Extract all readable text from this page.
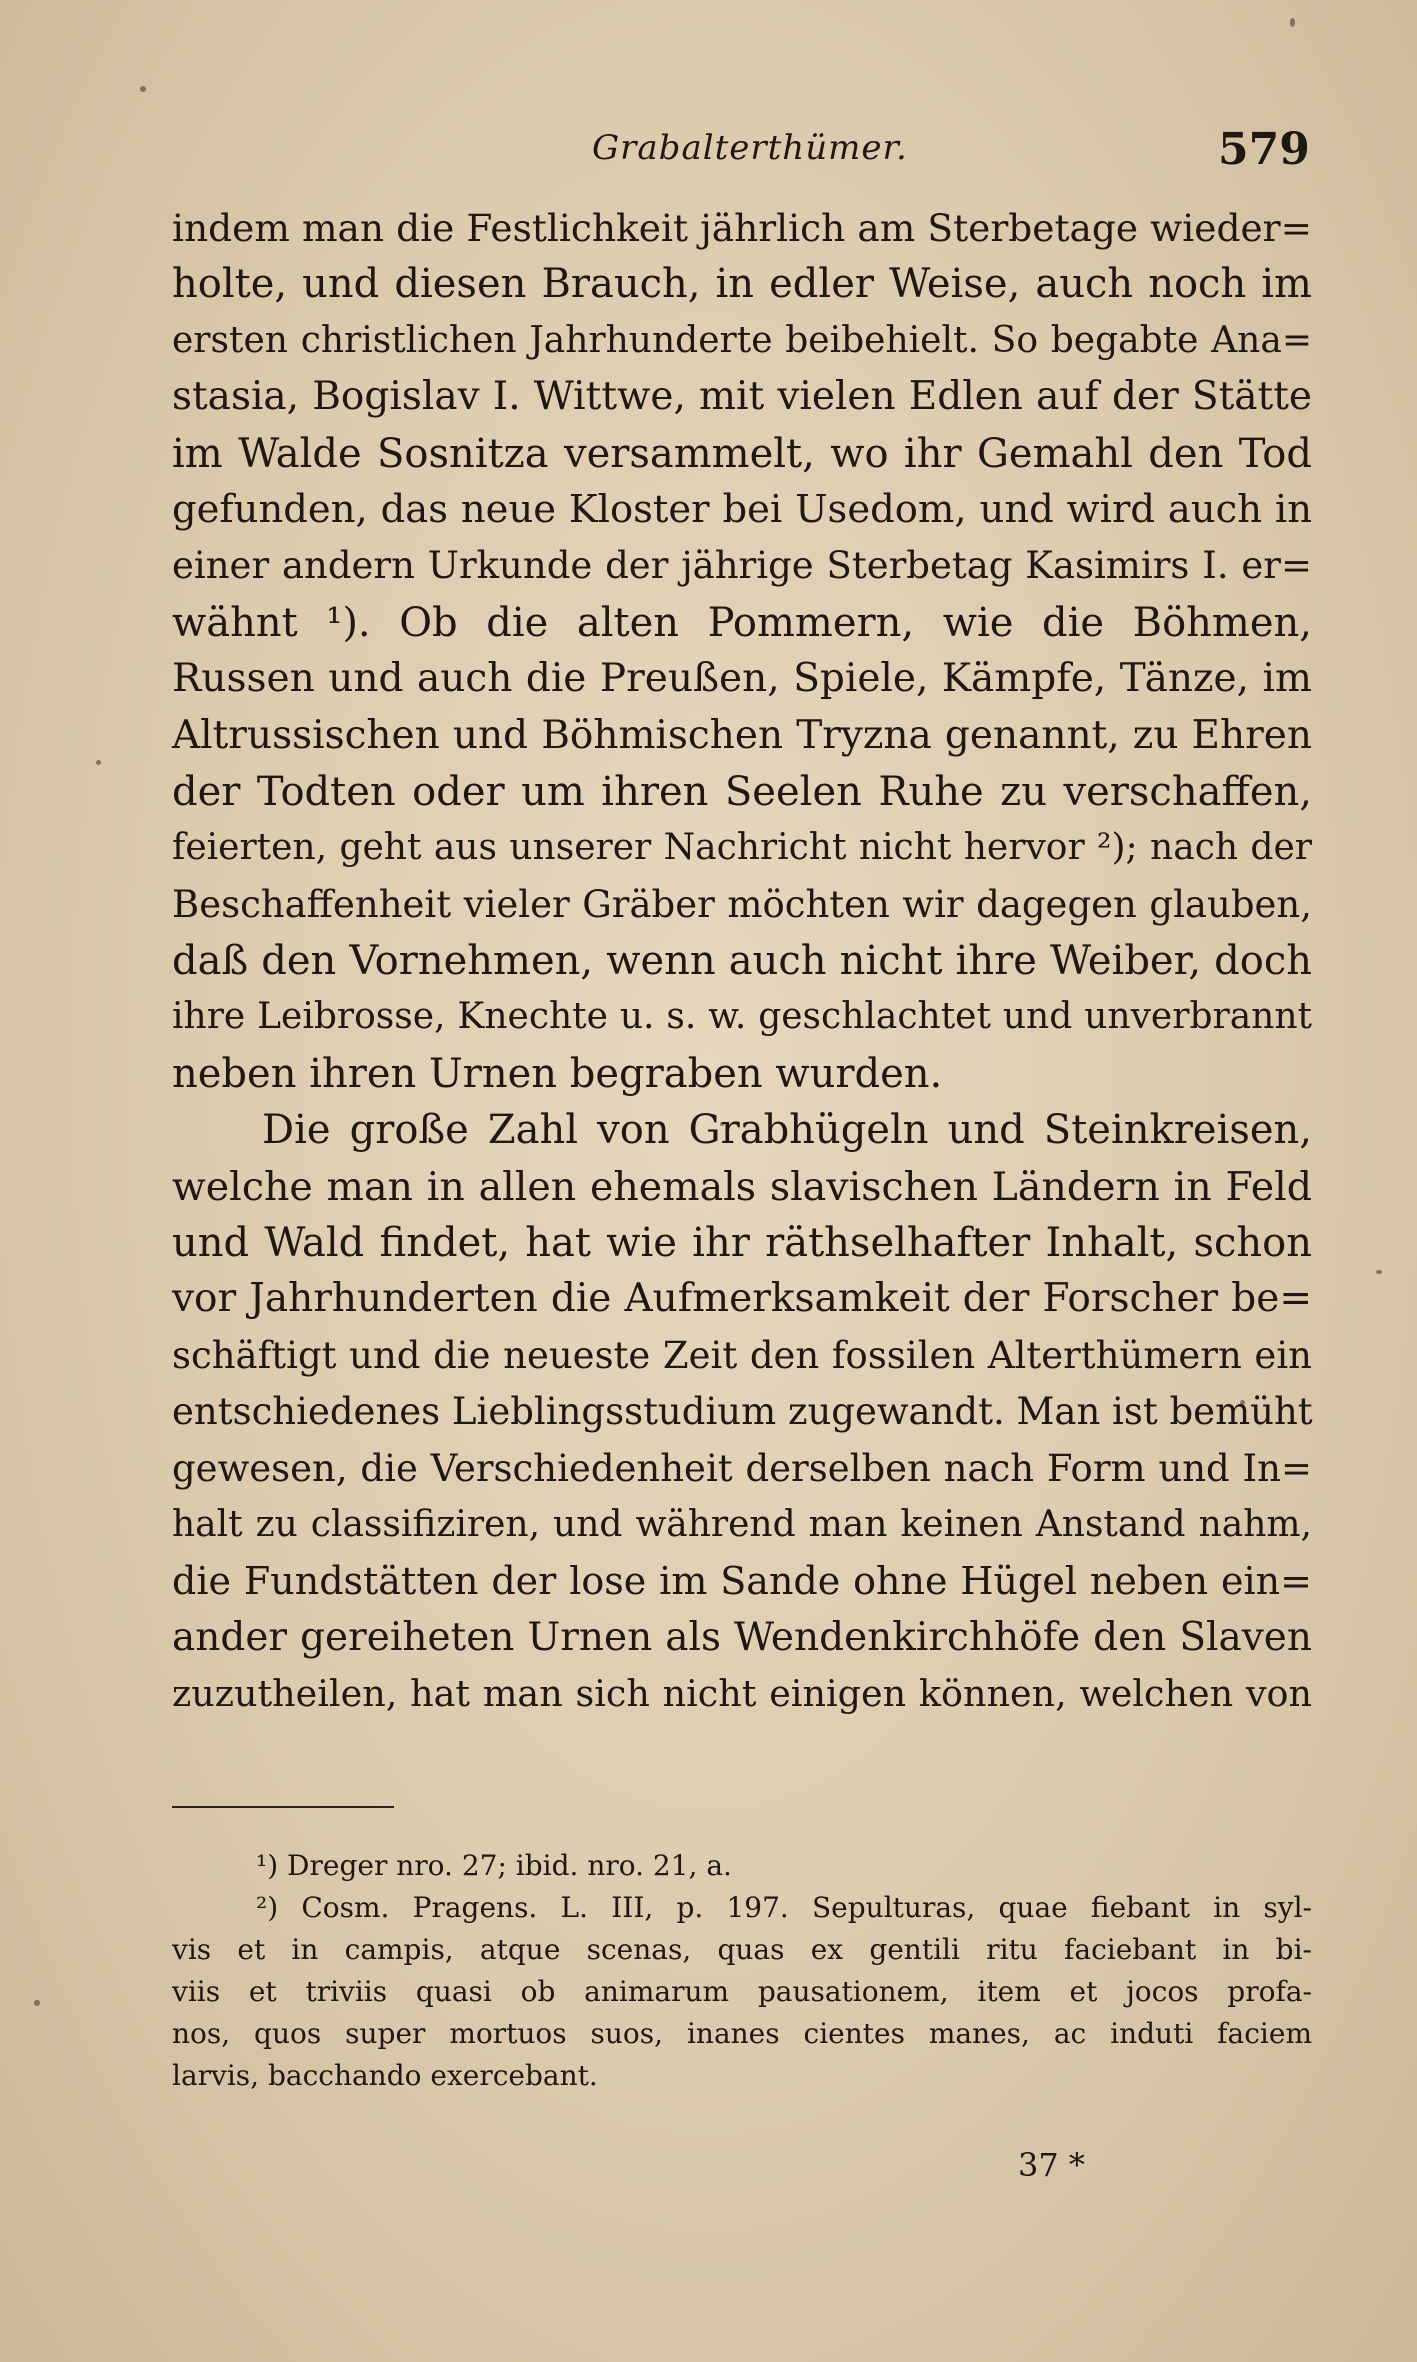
Grabalterthümer.	579
indem man die Festlichkeit jährlich am Sterbetage wieder=
holte, und diesen Brauch, in edler Weise, auch noch im
ersten christlichen Jahrhunderte beibehielt. So begabte Ana=
stasia, Bogislav I. Wittwe, mit vielen Edlen auf der Stätte
im Walde Sosnitza versammelt, wo ihr Gemahl den Tod
gefunden, das neue Kloster bei Usedom, und wird auch in
einer andern Urkunde der jährige Sterbetag Kasimirs I. er=
wähnt ¹). Ob die alten Pommern, wie die Böhmen,
Russen und auch die Preußen, Spiele, Kämpfe, Tänze, im
Altrussischen und Böhmischen Tryzna genannt, zu Ehren
der Todten oder um ihren Seelen Ruhe zu verschaffen,
feierten, geht aus unserer Nachricht nicht hervor ²); nach der
Beschaffenheit vieler Gräber möchten wir dagegen glauben,
daß den Vornehmen, wenn auch nicht ihre Weiber, doch
ihre Leibrosse, Knechte u. s. w. geschlachtet und unverbrannt
neben ihren Urnen begraben wurden.
Die große Zahl von Grabhügeln und Steinkreisen,
welche man in allen ehemals slavischen Ländern in Feld
und Wald findet, hat wie ihr räthselhafter Inhalt, schon
vor Jahrhunderten die Aufmerksamkeit der Forscher be=
schäftigt und die neueste Zeit den fossilen Alterthümern ein
entschiedenes Lieblingsstudium zugewandt. Man ist bemüht
gewesen, die Verschiedenheit derselben nach Form und In=
halt zu classifiziren, und während man keinen Anstand nahm,
die Fundstätten der lose im Sande ohne Hügel neben ein=
ander gereiheten Urnen als Wendenkirchhöfe den Slaven
zuzutheilen, hat man sich nicht einigen können, welchen von
¹) Dreger nro. 27; ibid. nro. 21, a.
²) Cosm. Pragens. L. III, p. 197. Sepulturas, quae fiebant in syl-
vis et in campis, atque scenas, quas ex gentili ritu faciebant in bi-
viis et triviis quasi ob animarum pausationem, item et jocos profa-
nos, quos super mortuos suos, inanes cientes manes, ac induti faciem
larvis, bacchando exercebant.
37 *
